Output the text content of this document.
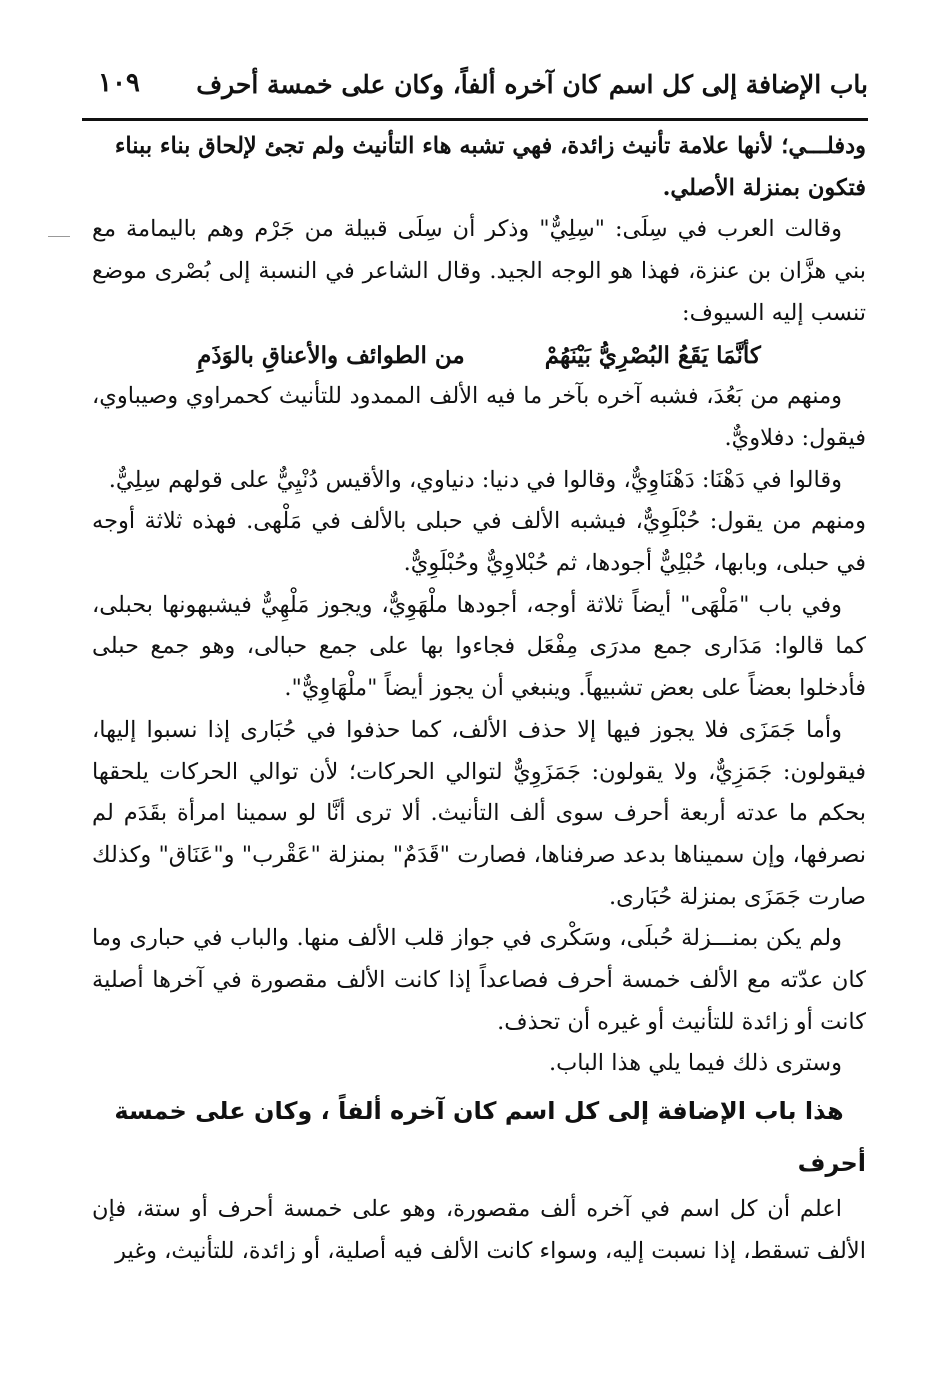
باب الإضافة إلى كل اسم كان آخره ألفاً، وكان على خمسة أحرف
١٠٩

ودفلـــي؛ لأنها علامة تأنيث زائدة، فهي تشبه هاء التأنيث ولم تجئ لإلحاق بناء ببناء

فتكون بمنزلة الأصلي.

وقالت العرب في سِلَى: "سِلِيٌّ" وذكر أن سِلَى قبيلة من جَرْم وهم باليمامة مع بني هزَّان بن عنزة، فهذا هو الوجه الجيد. وقال الشاعر في النسبة إلى بُصْرى موضع تنسب إليه السيوف:

كأنَّمَا يَقَعُ البُصْرِيُّ بَيْنَهُمْ
من الطوائف والأعناقِ بالوَذَمِ

ومنهم من بَعُدَ، فشبه آخره بآخر ما فيه الألف الممدود للتأنيث كحمراوي وصيباوي، فيقول: دفلاويٌّ.

وقالوا في دَهْنَا: دَهْنَاوِيٌّ، وقالوا في دنيا: دنياوي، والأقيس دُنْيِيٌّ على قولهم سِلِيٌّ.

ومنهم من يقول: حُبْلَوِيٌّ، فيشبه الألف في حبلى بالألف في مَلْهى. فهذه ثلاثة أوجه في حبلى، وبابها، حُبْلِيٌّ أجودها، ثم حُبْلاوِيٌّ وحُبْلَوِيٌّ.

وفي باب "مَلْهَى" أيضاً ثلاثة أوجه، أجودها ملْهَوِيٌّ، ويجوز مَلْهِيٌّ فيشبهونها بحبلى، كما قالوا: مَدَارى جمع مدرَى مِفْعَل فجاءوا بها على جمع حبالى، وهو جمع حبلى فأدخلوا بعضاً على بعض تشبيهاً. وينبغي أن يجوز أيضاً "ملْهَاوِيٌّ".

وأما جَمَزَى فلا يجوز فيها إلا حذف الألف، كما حذفوا في حُبَارى إذا نسبوا إليها، فيقولون: جَمَزِيٌّ، ولا يقولون: جَمَزَوِيٌّ لتوالي الحركات؛ لأن توالي الحركات يلحقها بحكم ما عدته أربعة أحرف سوى ألف التأنيث. ألا ترى أنَّا لو سمينا امرأة بقَدَم لم نصرفها، وإن سميناها بدعد صرفناها، فصارت "قَدَمٌ" بمنزلة "عَقْرب" و"عَنَاق" وكذلك صارت جَمَزَى بمنزلة حُبَارى.

ولم يكن بمنـــزلة حُبلَى، وسَكْرى في جواز قلب الألف منها. والباب في حبارى وما كان عدّته مع الألف خمسة أحرف فصاعداً إذا كانت الألف مقصورة في آخرها أصلية كانت أو زائدة للتأنيث أو غيره أن تحذف.

وسترى ذلك فيما يلي هذا الباب.

هذا باب الإضافة إلى كل اسم كان آخره ألفاً ، وكان على خمسة أحرف

اعلم أن كل اسم في آخره ألف مقصورة، وهو على خمسة أحرف أو ستة، فإن الألف تسقط، إذا نسبت إليه، وسواء كانت الألف فيه أصلية، أو زائدة، للتأنيث، وغير
